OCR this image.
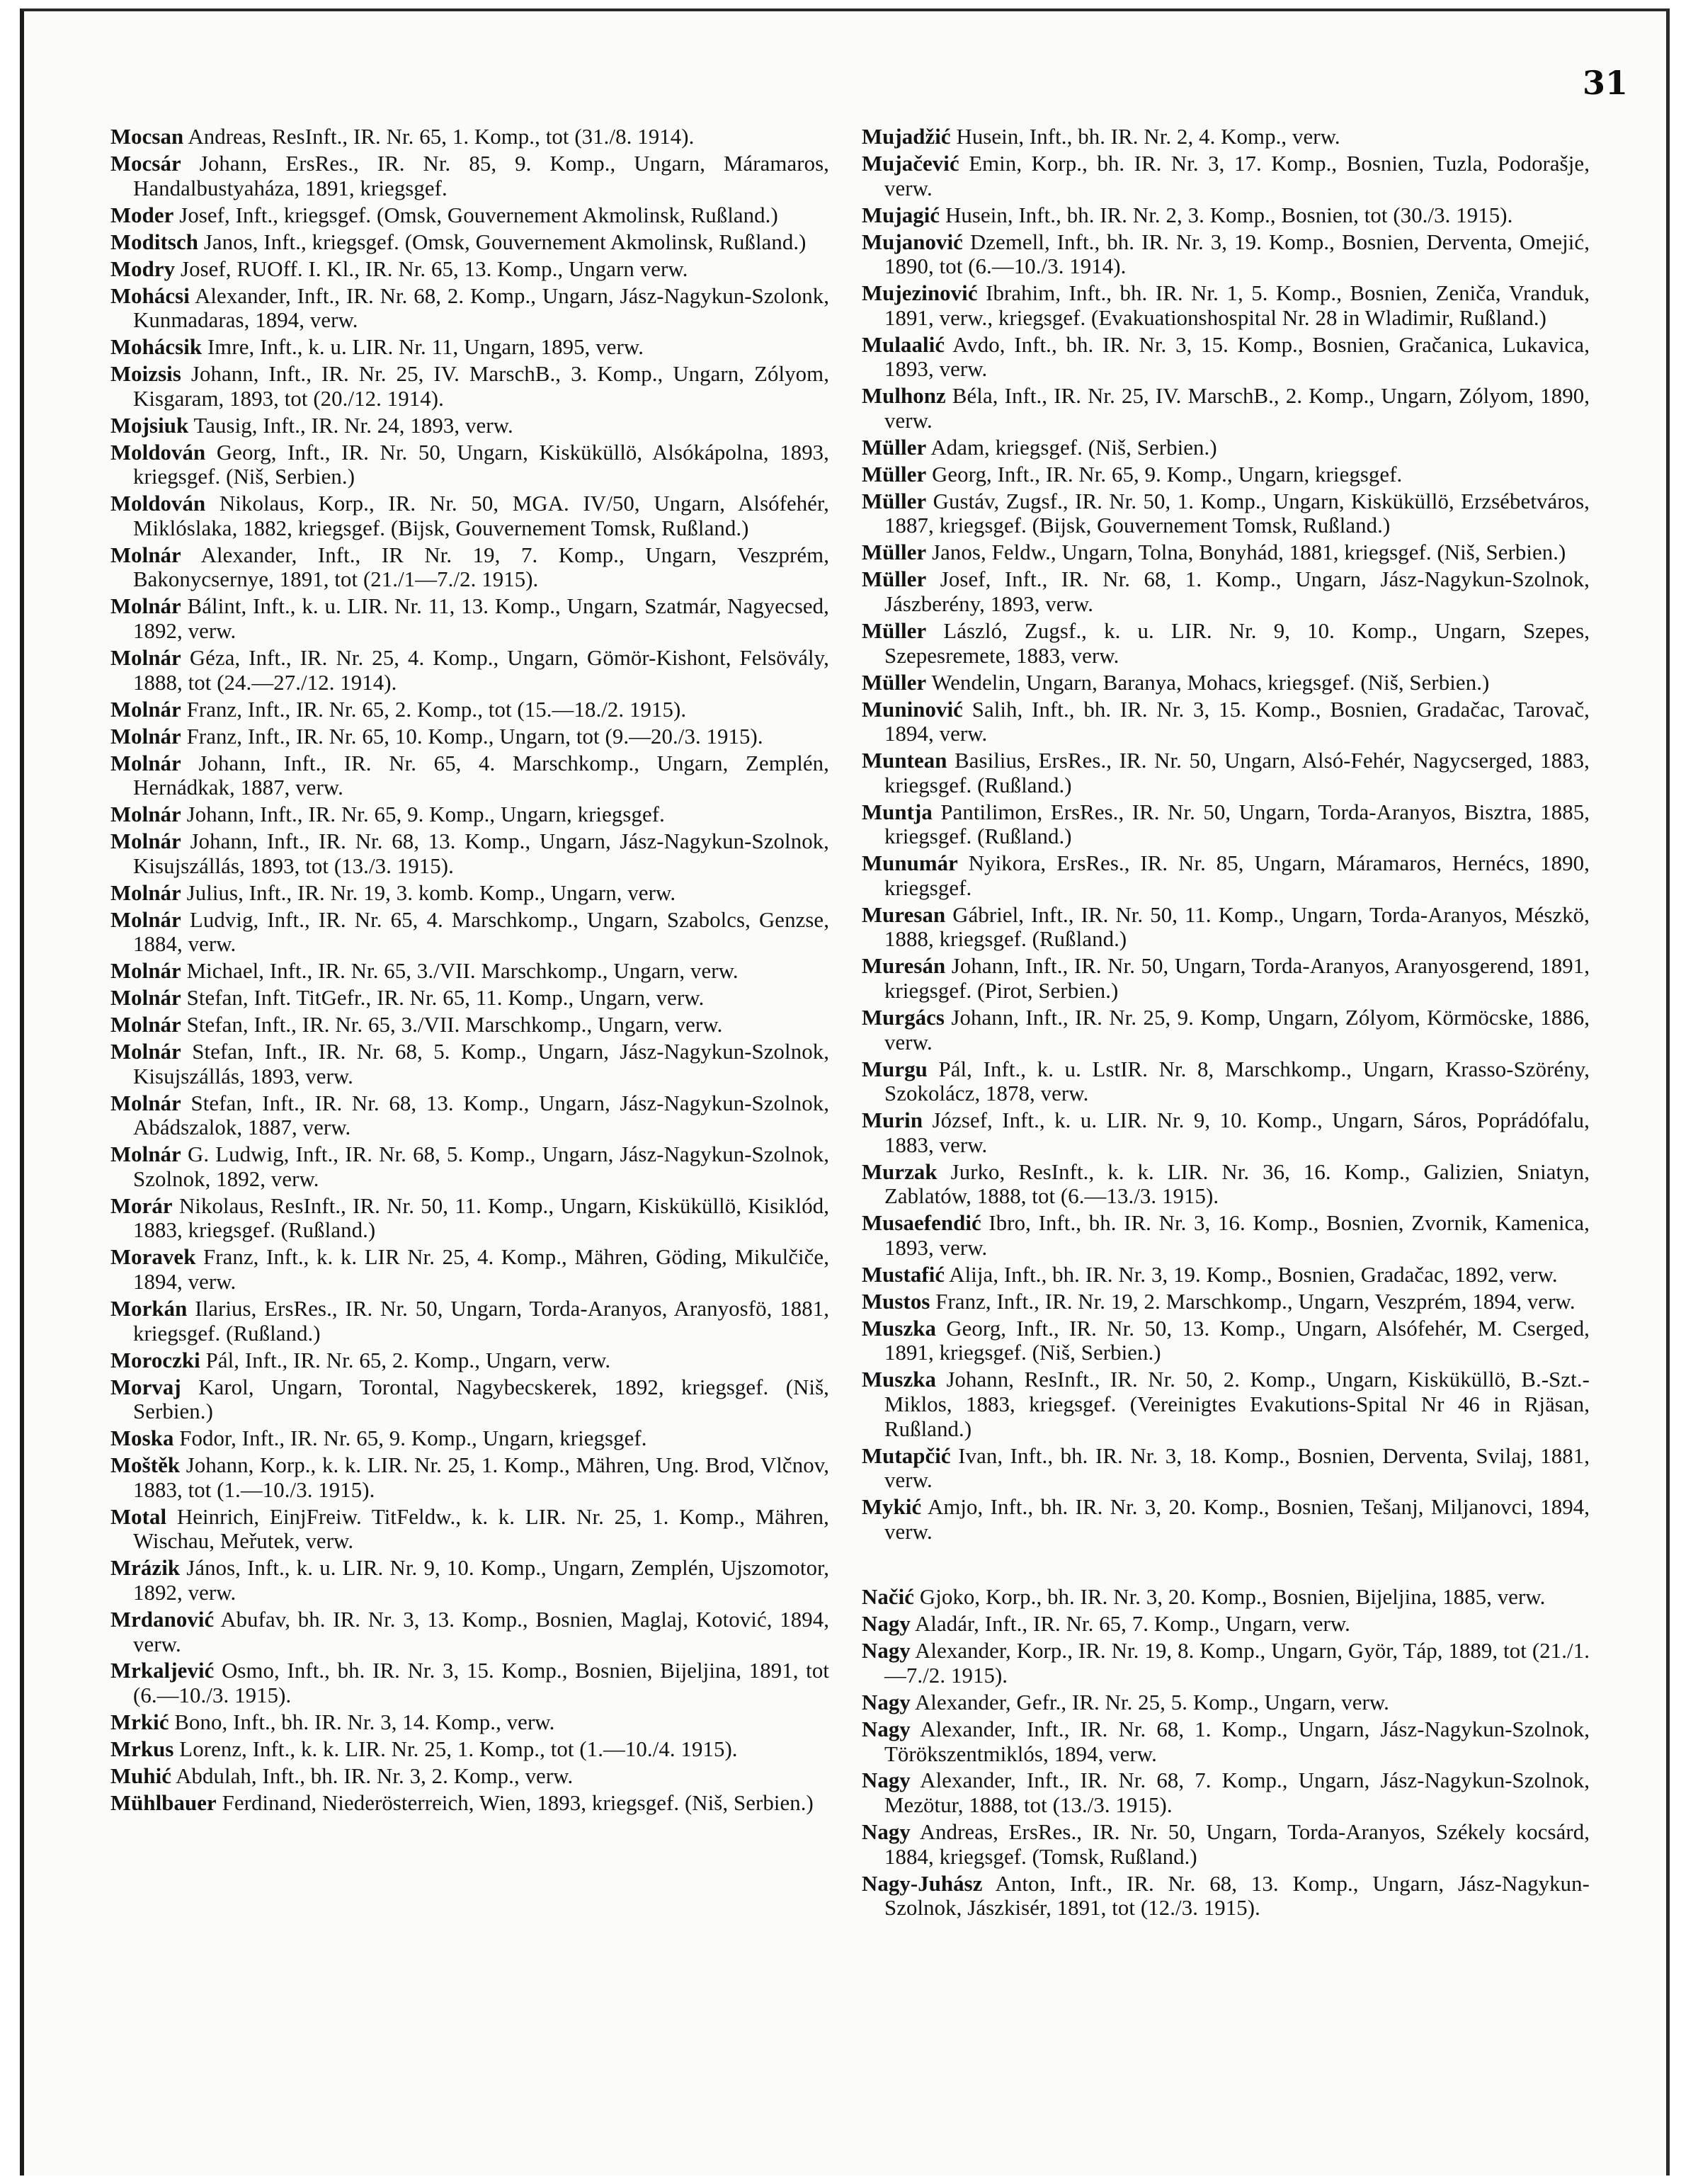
31

Mocsan Andreas, ResInft., IR. Nr. 65, 1. Komp., tot (31./8. 1914).

Mocsár Johann, ErsRes., IR. Nr. 85, 9. Komp., Ungarn, Máramaros, Handalbustyaháza, 1891, kriegsgef.

Moder Josef, Inft., kriegsgef. (Omsk, Gouvernement Akmolinsk, Rußland.)

Moditsch Janos, Inft., kriegsgef. (Omsk, Gouvernement Akmolinsk, Rußland.)

Modry Josef, RUOff. I. Kl., IR. Nr. 65, 13. Komp., Ungarn verw.

Mohácsi Alexander, Inft., IR. Nr. 68, 2. Komp., Ungarn, Jász-Nagykun-Szolonk, Kunmadaras, 1894, verw.

Mohácsik Imre, Inft., k. u. LIR. Nr. 11, Ungarn, 1895, verw.

Moizsis Johann, Inft., IR. Nr. 25, IV. MarschB., 3. Komp., Ungarn, Zólyom, Kisgaram, 1893, tot (20./12. 1914).

Mojsiuk Tausig, Inft., IR. Nr. 24, 1893, verw.

Moldován Georg, Inft., IR. Nr. 50, Ungarn, Kisküküllö, Alsókápolna, 1893, kriegsgef. (Niš, Serbien.)

Moldován Nikolaus, Korp., IR. Nr. 50, MGA. IV/50, Ungarn, Alsófehér, Miklóslaka, 1882, kriegsgef. (Bijsk, Gouvernement Tomsk, Rußland.)

Molnár Alexander, Inft., IR Nr. 19, 7. Komp., Ungarn, Veszprém, Bakonycsernye, 1891, tot (21./1—7./2. 1915).

Molnár Bálint, Inft., k. u. LIR. Nr. 11, 13. Komp., Ungarn, Szatmár, Nagyecsed, 1892, verw.

Molnár Géza, Inft., IR. Nr. 25, 4. Komp., Ungarn, Gömör-Kishont, Felsövály, 1888, tot (24.—27./12. 1914).

Molnár Franz, Inft., IR. Nr. 65, 2. Komp., tot (15.—18./2. 1915).

Molnár Franz, Inft., IR. Nr. 65, 10. Komp., Ungarn, tot (9.—20./3. 1915).

Molnár Johann, Inft., IR. Nr. 65, 4. Marschkomp., Ungarn, Zemplén, Hernádkak, 1887, verw.

Molnár Johann, Inft., IR. Nr. 65, 9. Komp., Ungarn, kriegsgef.

Molnár Johann, Inft., IR. Nr. 68, 13. Komp., Ungarn, Jász-Nagykun-Szolnok, Kisujszállás, 1893, tot (13./3. 1915).

Molnár Julius, Inft., IR. Nr. 19, 3. komb. Komp., Ungarn, verw.

Molnár Ludvig, Inft., IR. Nr. 65, 4. Marschkomp., Ungarn, Szabolcs, Genzse, 1884, verw.

Molnár Michael, Inft., IR. Nr. 65, 3./VII. Marschkomp., Ungarn, verw.

Molnár Stefan, Inft. TitGefr., IR. Nr. 65, 11. Komp., Ungarn, verw.

Molnár Stefan, Inft., IR. Nr. 65, 3./VII. Marschkomp., Ungarn, verw.

Molnár Stefan, Inft., IR. Nr. 68, 5. Komp., Ungarn, Jász-Nagykun-Szolnok, Kisujszállás, 1893, verw.

Molnár Stefan, Inft., IR. Nr. 68, 13. Komp., Ungarn, Jász-Nagykun-Szolnok, Abádszalok, 1887, verw.

Molnár G. Ludwig, Inft., IR. Nr. 68, 5. Komp., Ungarn, Jász-Nagykun-Szolnok, Szolnok, 1892, verw.

Morár Nikolaus, ResInft., IR. Nr. 50, 11. Komp., Ungarn, Kisküküllö, Kisiklód, 1883, kriegsgef. (Rußland.)

Moravek Franz, Inft., k. k. LIR Nr. 25, 4. Komp., Mähren, Göding, Mikulčiče, 1894, verw.

Morkán Ilarius, ErsRes., IR. Nr. 50, Ungarn, Torda-Aranyos, Aranyosfö, 1881, kriegsgef. (Rußland.)

Moroczki Pál, Inft., IR. Nr. 65, 2. Komp., Ungarn, verw.

Morvaj Karol, Ungarn, Torontal, Nagybecskerek, 1892, kriegsgef. (Niš, Serbien.)

Moska Fodor, Inft., IR. Nr. 65, 9. Komp., Ungarn, kriegsgef.

Moštěk Johann, Korp., k. k. LIR. Nr. 25, 1. Komp., Mähren, Ung. Brod, Vlčnov, 1883, tot (1.—10./3. 1915).

Motal Heinrich, EinjFreiw. TitFeldw., k. k. LIR. Nr. 25, 1. Komp., Mähren, Wischau, Meřutek, verw.

Mrázik János, Inft., k. u. LIR. Nr. 9, 10. Komp., Ungarn, Zemplén, Ujszomotor, 1892, verw.

Mrdanović Abufav, bh. IR. Nr. 3, 13. Komp., Bosnien, Maglaj, Kotović, 1894, verw.

Mrkaljević Osmo, Inft., bh. IR. Nr. 3, 15. Komp., Bosnien, Bijeljina, 1891, tot (6.—10./3. 1915).

Mrkić Bono, Inft., bh. IR. Nr. 3, 14. Komp., verw.

Mrkus Lorenz, Inft., k. k. LIR. Nr. 25, 1. Komp., tot (1.—10./4. 1915).

Muhić Abdulah, Inft., bh. IR. Nr. 3, 2. Komp., verw.

Mühlbauer Ferdinand, Niederösterreich, Wien, 1893, kriegsgef. (Niš, Serbien.)

Mujadžić Husein, Inft., bh. IR. Nr. 2, 4. Komp., verw.

Mujačević Emin, Korp., bh. IR. Nr. 3, 17. Komp., Bosnien, Tuzla, Podorašje, verw.

Mujagić Husein, Inft., bh. IR. Nr. 2, 3. Komp., Bosnien, tot (30./3. 1915).

Mujanović Dzemell, Inft., bh. IR. Nr. 3, 19. Komp., Bosnien, Derventa, Omejić, 1890, tot (6.—10./3. 1914).

Mujezinović Ibrahim, Inft., bh. IR. Nr. 1, 5. Komp., Bosnien, Zeniča, Vranduk, 1891, verw., kriegsgef. (Evakuationshospital Nr. 28 in Wladimir, Rußland.)

Mulaalić Avdo, Inft., bh. IR. Nr. 3, 15. Komp., Bosnien, Gračanica, Lukavica, 1893, verw.

Mulhonz Béla, Inft., IR. Nr. 25, IV. MarschB., 2. Komp., Ungarn, Zólyom, 1890, verw.

Müller Adam, kriegsgef. (Niš, Serbien.)

Müller Georg, Inft., IR. Nr. 65, 9. Komp., Ungarn, kriegsgef.

Müller Gustáv, Zugsf., IR. Nr. 50, 1. Komp., Ungarn, Kisküküllö, Erzsébetváros, 1887, kriegsgef. (Bijsk, Gouvernement Tomsk, Rußland.)

Müller Janos, Feldw., Ungarn, Tolna, Bonyhád, 1881, kriegsgef. (Niš, Serbien.)

Müller Josef, Inft., IR. Nr. 68, 1. Komp., Ungarn, Jász-Nagykun-Szolnok, Jászberény, 1893, verw.

Müller László, Zugsf., k. u. LIR. Nr. 9, 10. Komp., Ungarn, Szepes, Szepesremete, 1883, verw.

Müller Wendelin, Ungarn, Baranya, Mohacs, kriegsgef. (Niš, Serbien.)

Muninović Salih, Inft., bh. IR. Nr. 3, 15. Komp., Bosnien, Gradačac, Tarovač, 1894, verw.

Muntean Basilius, ErsRes., IR. Nr. 50, Ungarn, Alsó-Fehér, Nagycserged, 1883, kriegsgef. (Rußland.)

Muntja Pantilimon, ErsRes., IR. Nr. 50, Ungarn, Torda-Aranyos, Bisztra, 1885, kriegsgef. (Rußland.)

Munumár Nyikora, ErsRes., IR. Nr. 85, Ungarn, Máramaros, Hernécs, 1890, kriegsgef.

Muresan Gábriel, Inft., IR. Nr. 50, 11. Komp., Ungarn, Torda-Aranyos, Mészkö, 1888, kriegsgef. (Rußland.)

Muresán Johann, Inft., IR. Nr. 50, Ungarn, Torda-Aranyos, Aranyosgerend, 1891, kriegsgef. (Pirot, Serbien.)

Murgács Johann, Inft., IR. Nr. 25, 9. Komp, Ungarn, Zólyom, Körmöcske, 1886, verw.

Murgu Pál, Inft., k. u. LstIR. Nr. 8, Marschkomp., Ungarn, Krasso-Szörény, Szokolácz, 1878, verw.

Murin József, Inft., k. u. LIR. Nr. 9, 10. Komp., Ungarn, Sáros, Poprádófalu, 1883, verw.

Murzak Jurko, ResInft., k. k. LIR. Nr. 36, 16. Komp., Galizien, Sniatyn, Zablatów, 1888, tot (6.—13./3. 1915).

Musaefendić Ibro, Inft., bh. IR. Nr. 3, 16. Komp., Bosnien, Zvornik, Kamenica, 1893, verw.

Mustafić Alija, Inft., bh. IR. Nr. 3, 19. Komp., Bosnien, Gradačac, 1892, verw.

Mustos Franz, Inft., IR. Nr. 19, 2. Marschkomp., Ungarn, Veszprém, 1894, verw.

Muszka Georg, Inft., IR. Nr. 50, 13. Komp., Ungarn, Alsófehér, M. Cserged, 1891, kriegsgef. (Niš, Serbien.)

Muszka Johann, ResInft., IR. Nr. 50, 2. Komp., Ungarn, Kisküküllö, B.-Szt.-Miklos, 1883, kriegsgef. (Vereinigtes Evakutions-Spital Nr 46 in Rjäsan, Rußland.)

Mutapčić Ivan, Inft., bh. IR. Nr. 3, 18. Komp., Bosnien, Derventa, Svilaj, 1881, verw.

Mykić Amjo, Inft., bh. IR. Nr. 3, 20. Komp., Bosnien, Tešanj, Miljanovci, 1894, verw.

Načić Gjoko, Korp., bh. IR. Nr. 3, 20. Komp., Bosnien, Bijeljina, 1885, verw.

Nagy Aladár, Inft., IR. Nr. 65, 7. Komp., Ungarn, verw.

Nagy Alexander, Korp., IR. Nr. 19, 8. Komp., Ungarn, Györ, Táp, 1889, tot (21./1.—7./2. 1915).

Nagy Alexander, Gefr., IR. Nr. 25, 5. Komp., Ungarn, verw.

Nagy Alexander, Inft., IR. Nr. 68, 1. Komp., Ungarn, Jász-Nagykun-Szolnok, Törökszentmiklós, 1894, verw.

Nagy Alexander, Inft., IR. Nr. 68, 7. Komp., Ungarn, Jász-Nagykun-Szolnok, Mezötur, 1888, tot (13./3. 1915).

Nagy Andreas, ErsRes., IR. Nr. 50, Ungarn, Torda-Aranyos, Székely kocsárd, 1884, kriegsgef. (Tomsk, Rußland.)

Nagy-Juhász Anton, Inft., IR. Nr. 68, 13. Komp., Ungarn, Jász-Nagykun-Szolnok, Jászkisér, 1891, tot (12./3. 1915).
